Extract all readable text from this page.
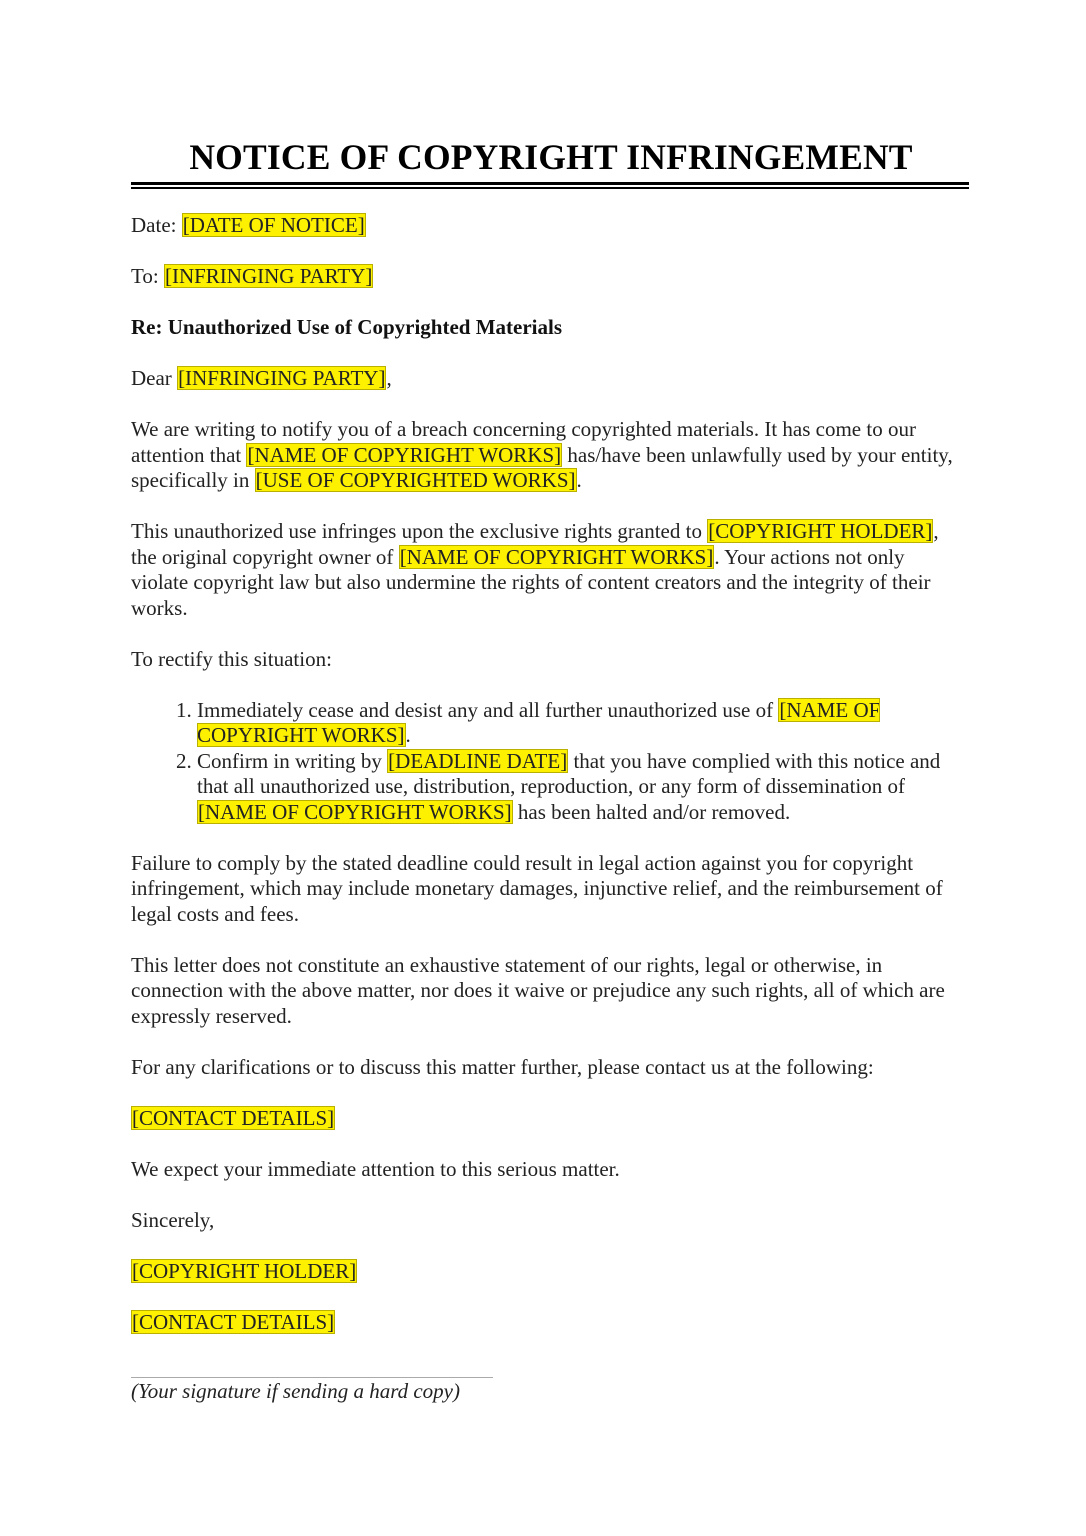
NOTICE OF COPYRIGHT INFRINGEMENT

Date: [DATE OF NOTICE]

To: [INFRINGING PARTY]

Re: Unauthorized Use of Copyrighted Materials

Dear [INFRINGING PARTY],

We are writing to notify you of a breach concerning copyrighted materials. It has come to our attention that [NAME OF COPYRIGHT WORKS] has/have been unlawfully used by your entity, specifically in [USE OF COPYRIGHTED WORKS].

This unauthorized use infringes upon the exclusive rights granted to [COPYRIGHT HOLDER], the original copyright owner of [NAME OF COPYRIGHT WORKS]. Your actions not only violate copyright law but also undermine the rights of content creators and the integrity of their works.

To rectify this situation:

1. Immediately cease and desist any and all further unauthorized use of [NAME OF COPYRIGHT WORKS].
2. Confirm in writing by [DEADLINE DATE] that you have complied with this notice and that all unauthorized use, distribution, reproduction, or any form of dissemination of [NAME OF COPYRIGHT WORKS] has been halted and/or removed.

Failure to comply by the stated deadline could result in legal action against you for copyright infringement, which may include monetary damages, injunctive relief, and the reimbursement of legal costs and fees.

This letter does not constitute an exhaustive statement of our rights, legal or otherwise, in connection with the above matter, nor does it waive or prejudice any such rights, all of which are expressly reserved.

For any clarifications or to discuss this matter further, please contact us at the following:

[CONTACT DETAILS]

We expect your immediate attention to this serious matter.

Sincerely,

[COPYRIGHT HOLDER]

[CONTACT DETAILS]

(Your signature if sending a hard copy)
